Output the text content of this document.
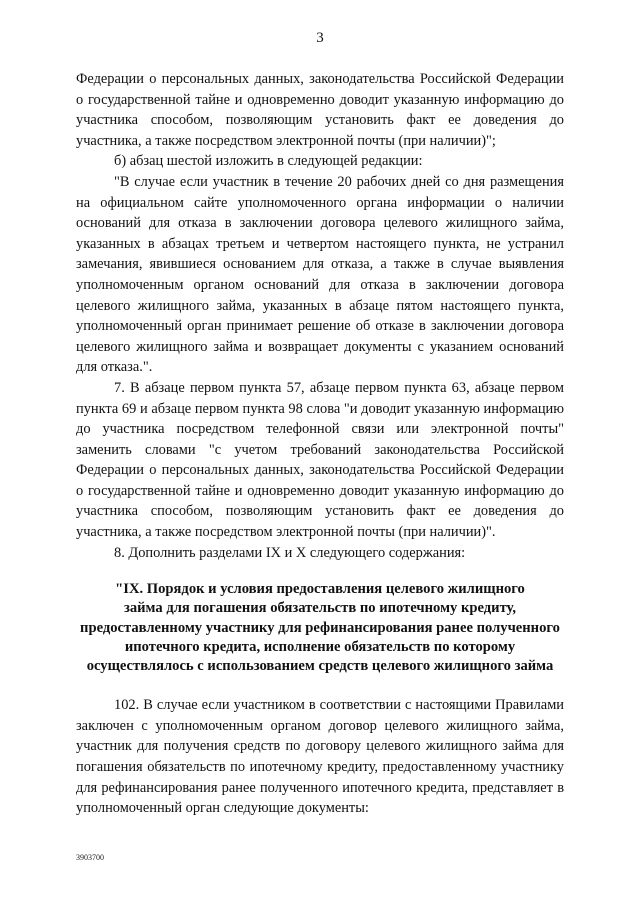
3

Федерации о персональных данных, законодательства Российской Федерации о государственной тайне и одновременно доводит указанную информацию до участника способом, позволяющим установить факт ее доведения до участника, а также посредством электронной почты (при наличии)";

б) абзац шестой изложить в следующей редакции:

"В случае если участник в течение 20 рабочих дней со дня размещения на официальном сайте уполномоченного органа информации о наличии оснований для отказа в заключении договора целевого жилищного займа, указанных в абзацах третьем и четвертом настоящего пункта, не устранил замечания, явившиеся основанием для отказа, а также в случае выявления уполномоченным органом оснований для отказа в заключении договора целевого жилищного займа, указанных в абзаце пятом настоящего пункта, уполномоченный орган принимает решение об отказе в заключении договора целевого жилищного займа и возвращает документы с указанием оснований для отказа.".

7. В абзаце первом пункта 57, абзаце первом пункта 63, абзаце первом пункта 69 и абзаце первом пункта 98 слова "и доводит указанную информацию до участника посредством телефонной связи или электронной почты" заменить словами "с учетом требований законодательства Российской Федерации о персональных данных, законодательства Российской Федерации о государственной тайне и одновременно доводит указанную информацию до участника способом, позволяющим установить факт ее доведения до участника, а также посредством электронной почты (при наличии)".

8. Дополнить разделами IX и X следующего содержания:

"IX. Порядок и условия предоставления целевого жилищного
займа для погашения обязательств по ипотечному кредиту,
предоставленному участнику для рефинансирования ранее полученного
ипотечного кредита, исполнение обязательств по которому
осуществлялось с использованием средств целевого жилищного займа

102. В случае если участником в соответствии с настоящими Правилами заключен с уполномоченным органом договор целевого жилищного займа, участник для получения средств по договору целевого жилищного займа для погашения обязательств по ипотечному кредиту, предоставленному участнику для рефинансирования ранее полученного ипотечного кредита, представляет в уполномоченный орган следующие документы:

3903700
